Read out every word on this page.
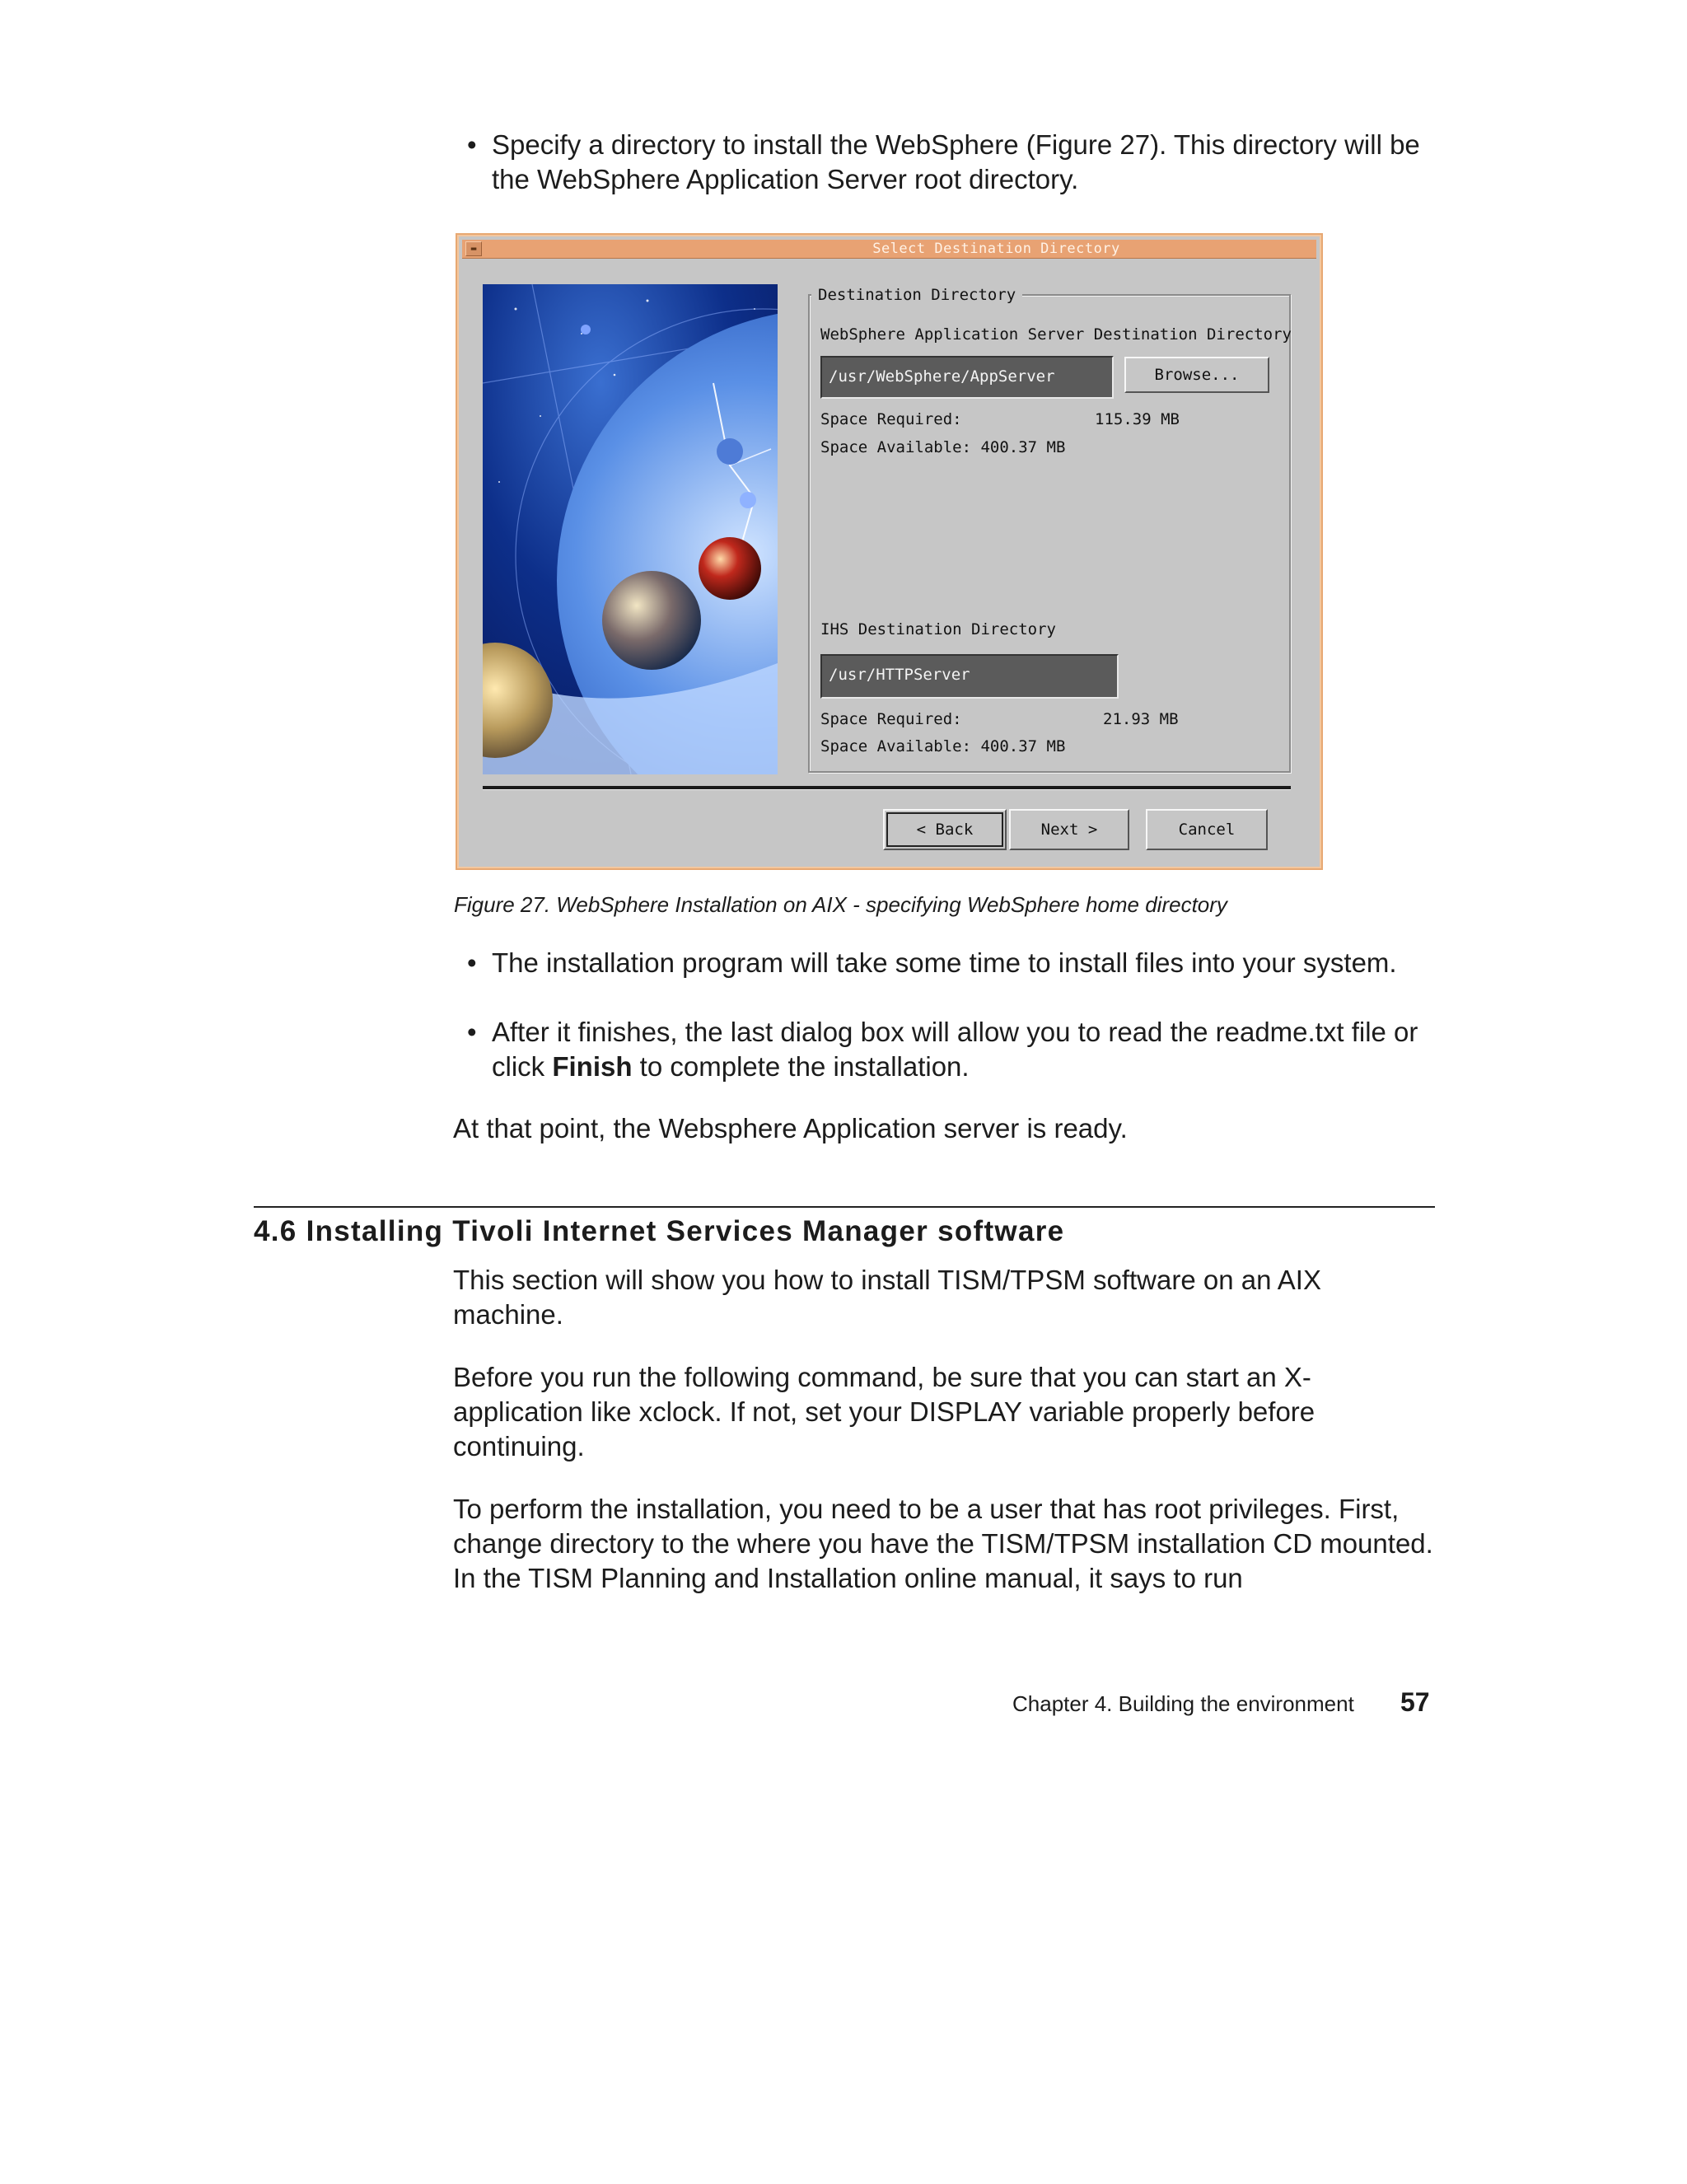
• Specify a directory to install the WebSphere (Figure 27). This directory will be the WebSphere Application Server root directory.
▬	Select Destination Directory
Destination Directory
WebSphere Application Server Destination Directory
/usr/WebSphere/AppServer	Browse...
Space Required:	115.39 MB
Space Available: 400.37 MB
IHS Destination Directory
/usr/HTTPServer
Space Required:	21.93 MB
Space Available: 400.37 MB
< Back	Next >	Cancel
Figure 27. WebSphere Installation on AIX - specifying WebSphere home directory
• The installation program will take some time to install files into your system.
• After it finishes, the last dialog box will allow you to read the readme.txt file or click Finish to complete the installation.
At that point, the Websphere Application server is ready.
4.6 Installing Tivoli Internet Services Manager software
This section will show you how to install TISM/TPSM software on an AIX machine.
Before you run the following command, be sure that you can start an X-application like xclock. If not, set your DISPLAY variable properly before continuing.
To perform the installation, you need to be a user that has root privileges. First, change directory to the where you have the TISM/TPSM installation CD mounted. In the TISM Planning and Installation online manual, it says to run
Chapter 4. Building the environment 57
